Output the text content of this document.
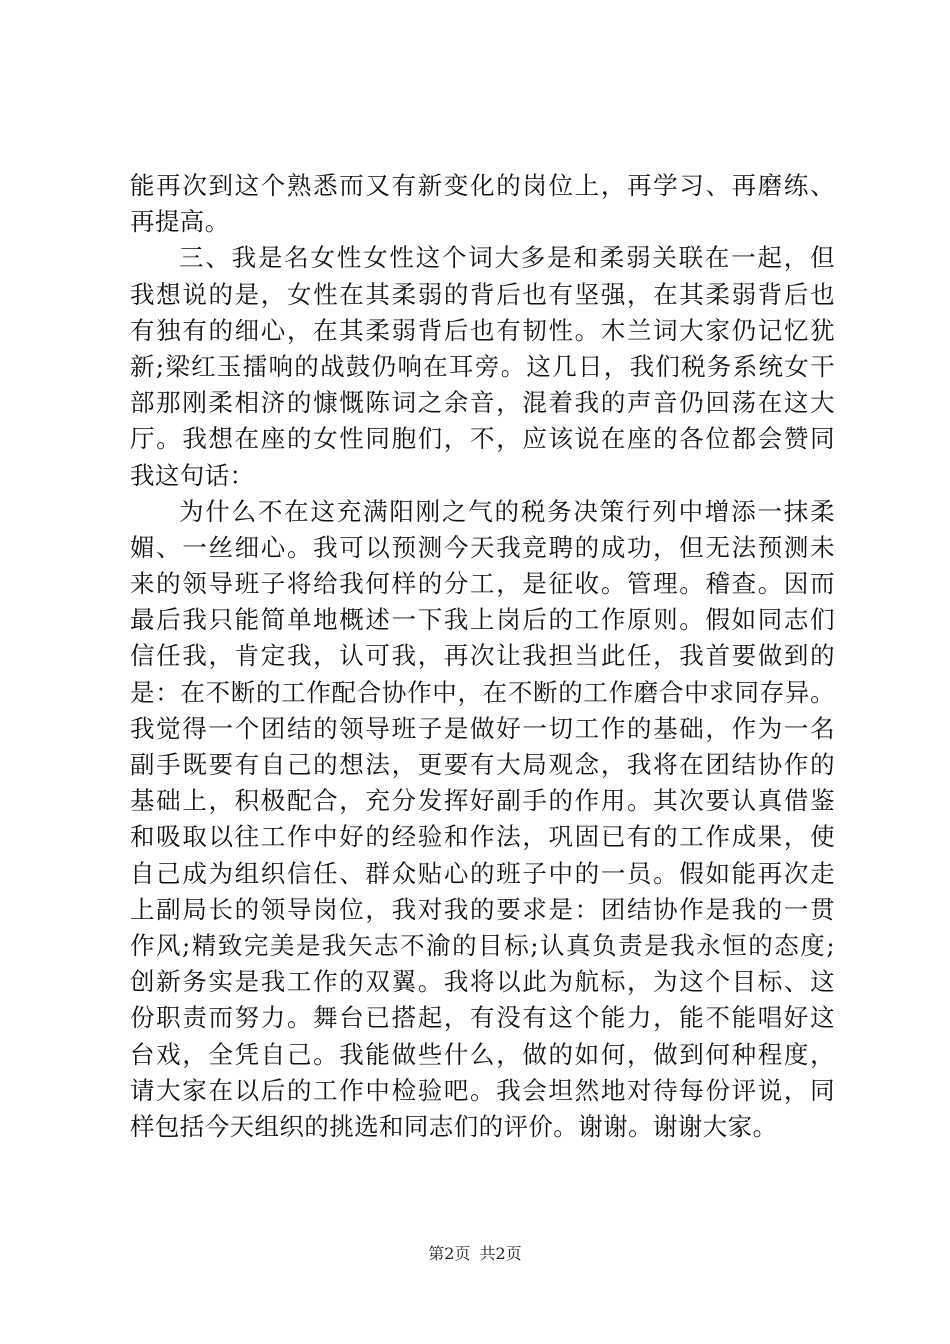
能再次到这个熟悉而又有新变化的岗位上，再学习、再磨练、
再提高。
三、我是名女性女性这个词大多是和柔弱关联在一起，但
我想说的是，女性在其柔弱的背后也有坚强，在其柔弱背后也
有独有的细心，在其柔弱背后也有韧性。木兰词大家仍记忆犹
新;梁红玉擂响的战鼓仍响在耳旁。这几日，我们税务系统女干
部那刚柔相济的慷慨陈词之余音，混着我的声音仍回荡在这大
厅。我想在座的女性同胞们，不，应该说在座的各位都会赞同
我这句话：
为什么不在这充满阳刚之气的税务决策行列中增添一抹柔
媚、一丝细心。我可以预测今天我竞聘的成功，但无法预测未
来的领导班子将给我何样的分工，是征收。管理。稽查。因而
最后我只能简单地概述一下我上岗后的工作原则。假如同志们
信任我，肯定我，认可我，再次让我担当此任，我首要做到的
是：在不断的工作配合协作中，在不断的工作磨合中求同存异。
我觉得一个团结的领导班子是做好一切工作的基础，作为一名
副手既要有自己的想法，更要有大局观念，我将在团结协作的
基础上，积极配合，充分发挥好副手的作用。其次要认真借鉴
和吸取以往工作中好的经验和作法，巩固已有的工作成果，使
自己成为组织信任、群众贴心的班子中的一员。假如能再次走
上副局长的领导岗位，我对我的要求是：团结协作是我的一贯
作风;精致完美是我矢志不渝的目标;认真负责是我永恒的态度;
创新务实是我工作的双翼。我将以此为航标，为这个目标、这
份职责而努力。舞台已搭起，有没有这个能力，能不能唱好这
台戏，全凭自己。我能做些什么，做的如何，做到何种程度，
请大家在以后的工作中检验吧。我会坦然地对待每份评说，同
样包括今天组织的挑选和同志们的评价。谢谢。谢谢大家。
第2页 共2页
